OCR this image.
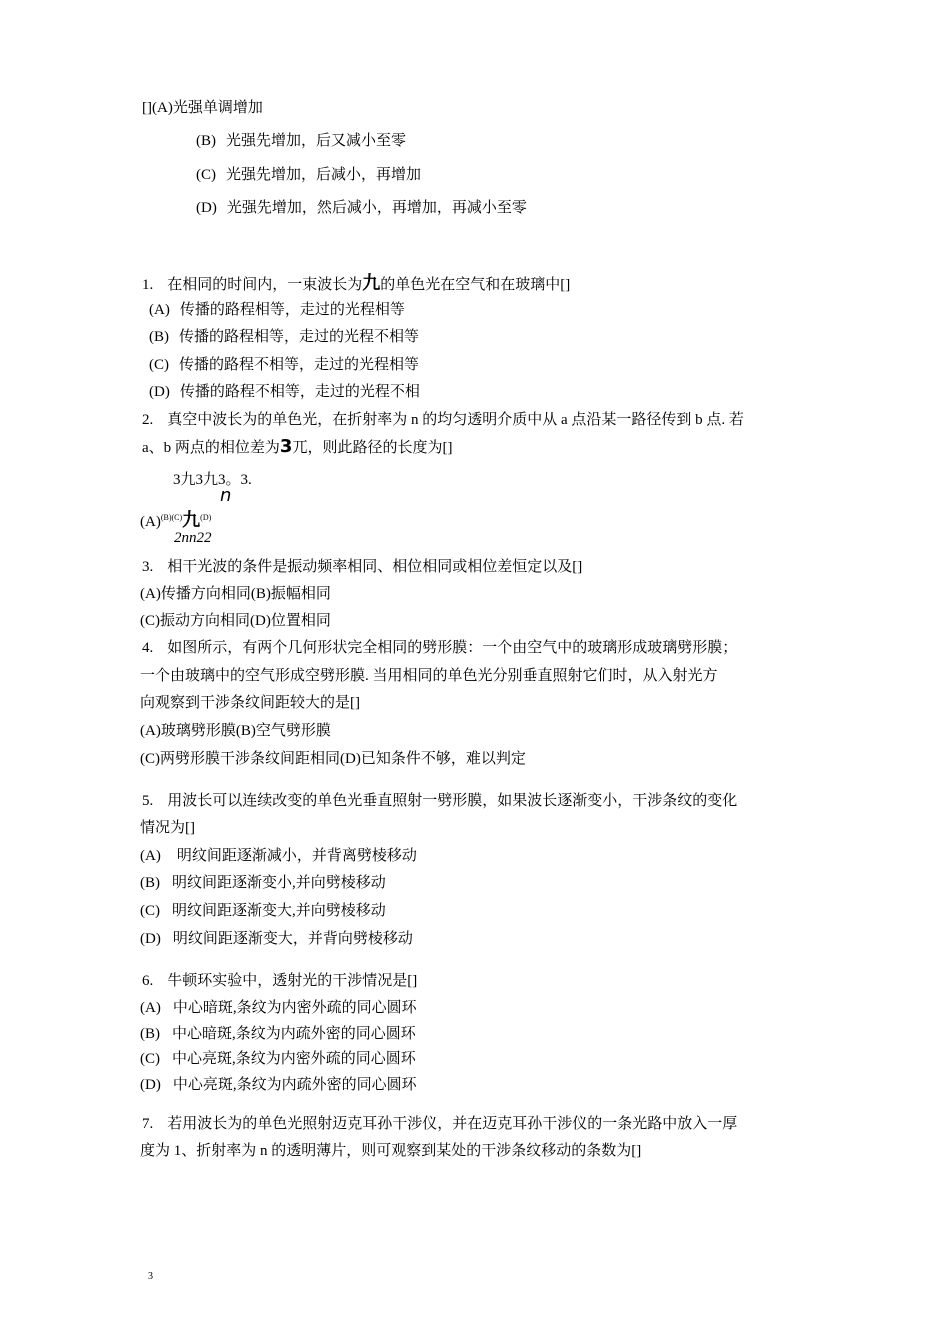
[](A)光强单调增加
(B) 光强先增加，后又减小至零
(C) 光强先增加，后减小，再增加
(D) 光强先增加，然后减小，再增加，再减小至零
1. 在相同的时间内，一束波长为九的单色光在空气和在玻璃中[]
(A) 传播的路程相等，走过的光程相等
(B) 传播的路程相等，走过的光程不相等
(C) 传播的路程不相等，走过的光程相等
(D) 传播的路程不相等，走过的光程不相
2. 真空中波长为的单色光，在折射率为 n 的均匀透明介质中从 a 点沿某一路径传到 b 点. 若
a、b 两点的相位差为3兀，则此路径的长度为[]
3九3九3。3.
n
$(A)^{(B)(C)}$九$^{(D)}$
2nn22
3. 相干光波的条件是振动频率相同、相位相同或相位差恒定以及[]
(A)传播方向相同(B)振幅相同
(C)振动方向相同(D)位置相同
4. 如图所示，有两个几何形状完全相同的劈形膜：一个由空气中的玻璃形成玻璃劈形膜；
一个由玻璃中的空气形成空劈形膜. 当用相同的单色光分别垂直照射它们时，从入射光方
向观察到干涉条纹间距较大的是[]
(A)玻璃劈形膜(B)空气劈形膜
(C)两劈形膜干涉条纹间距相同(D)已知条件不够，难以判定
5. 用波长可以连续改变的单色光垂直照射一劈形膜，如果波长逐渐变小，干涉条纹的变化
情况为[]
(A) 明纹间距逐渐减小，并背离劈棱移动
(B) 明纹间距逐渐变小,并向劈棱移动
(C) 明纹间距逐渐变大,并向劈棱移动
(D) 明纹间距逐渐变大，并背向劈棱移动
6. 牛顿环实验中，透射光的干涉情况是[]
(A) 中心暗斑,条纹为内密外疏的同心圆环
(B) 中心暗斑,条纹为内疏外密的同心圆环
(C) 中心亮斑,条纹为内密外疏的同心圆环
(D) 中心亮斑,条纹为内疏外密的同心圆环
7. 若用波长为的单色光照射迈克耳孙干涉仪，并在迈克耳孙干涉仪的一条光路中放入一厚
度为 1、折射率为 n 的透明薄片，则可观察到某处的干涉条纹移动的条数为[]
3
